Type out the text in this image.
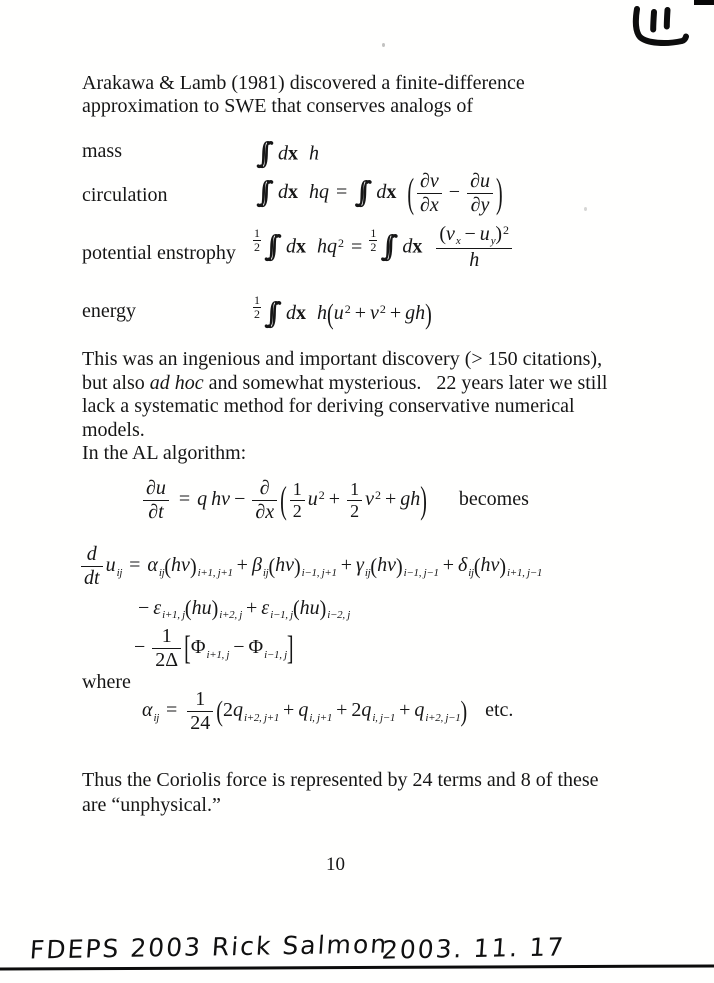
Arakawa & Lamb (1981) discovered a finite-difference
approximation to SWE that conserves analogs of
mass
circulation
potential enstrophy
energy
∫∫ dx h
∫∫ dx hq = ∫∫ dx ( $\frac{\partial v}{\partial x} - \frac{\partial u}{\partial y}$ )
$\frac{1}{2}$ ∫∫ dx $hq^2 = \frac{1}{2}$ ∫∫ dx $\frac{(v_x - u_y)^2}{h}$
$\frac{1}{2}$ ∫∫ dx $h(u^2 + v^2 + gh)$
This was an ingenious and important discovery (> 150 citations),
but also ad hoc and somewhat mysterious.   22 years later we still
lack a systematic method for deriving conservative numerical
models.
In the AL algorithm:
$\frac{\partial u}{\partial t} = q$ hv − $\frac{\partial}{\partial x}$ ( $\frac{1}{2} u^2 + \frac{1}{2} v^2 + gh$) becomes
$\frac{d}{dt} u_{ij} = \alpha_{ij}(hv)_{i+1, j+1} + \beta_{ij}(hv)_{i-1, j+1} + \gamma_{ij}(hv)_{i-1, j-1} + \delta_{ij}(hv)_{i+1, j-1}$
− $\varepsilon_{i+1, j}(hu)_{i+2, j} + \varepsilon_{i-1, j}(hu)_{i-2, j}$
− $\frac{1}{2\Delta} [\Phi_{i+1, j} - \Phi_{i-1, j}]$
where
$\alpha_{ij} = \frac{1}{24} (2q_{i+2, j+1} + q_{i, j+1} + 2q_{i, j-1} + q_{i+2, j-1})$ etc.
Thus the Coriolis force is represented by 24 terms and 8 of these
are “unphysical.”
10
FDEPS 2003 Rick Salmon
2003. 11. 17
